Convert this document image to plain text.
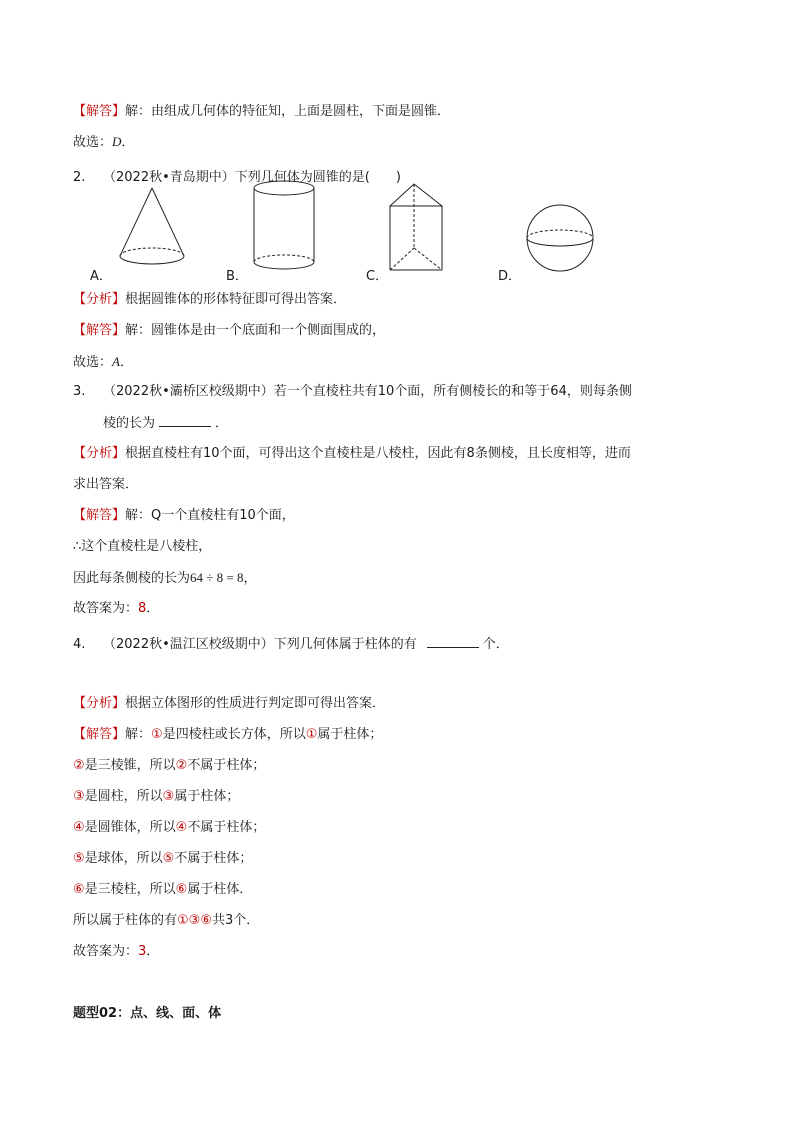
【解答】解：由组成几何体的特征知，上面是圆柱，下面是圆锥．
故选：D．
2. （2022秋•青岛期中）下列几何体为圆锥的是(　　)
A．	B．	C．	D．
【分析】根据圆锥体的形体特征即可得出答案．
【解答】解：圆锥体是由一个底面和一个侧面围成的，
故选：A．
3. （2022秋•灞桥区校级期中）若一个直棱柱共有10个面，所有侧棱长的和等于64，则每条侧
棱的长为	．
【分析】根据直棱柱有10个面，可得出这个直棱柱是八棱柱，因此有8条侧棱，且长度相等，进而
求出答案．
【解答】解：Q一个直棱柱有10个面，
∴这个直棱柱是八棱柱，
因此每条侧棱的长为64 ÷ 8 = 8，
故答案为：8．
4. （2022秋•温江区校级期中）下列几何体属于柱体的有	个．
【分析】根据立体图形的性质进行判定即可得出答案．
【解答】解：①是四棱柱或长方体，所以①属于柱体；
②是三棱锥，所以②不属于柱体；
③是圆柱，所以③属于柱体；
④是圆锥体，所以④不属于柱体；
⑤是球体，所以⑤不属于柱体；
⑥是三棱柱，所以⑥属于柱体．
所以属于柱体的有①③⑥共3个．
故答案为：3．
题型02：点、线、面、体
